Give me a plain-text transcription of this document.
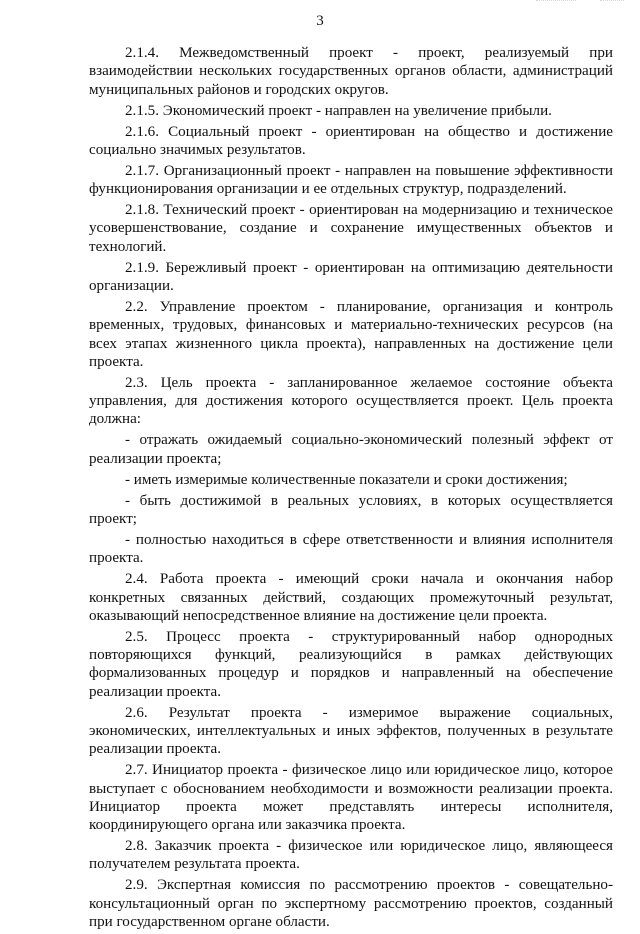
3

2.1.4. Межведомственный проект - проект, реализуемый при взаимодействии нескольких государственных органов области, администраций муниципальных районов и городских округов.

2.1.5. Экономический проект - направлен на увеличение прибыли.

2.1.6. Социальный проект - ориентирован на общество и достижение социально значимых результатов.

2.1.7. Организационный проект - направлен на повышение эффективности функционирования организации и ее отдельных структур, подразделений.

2.1.8. Технический проект - ориентирован на модернизацию и техническое усовершенствование, создание и сохранение имущественных объектов и технологий.

2.1.9. Бережливый проект - ориентирован на оптимизацию деятельности организации.

2.2. Управление проектом - планирование, организация и контроль временных, трудовых, финансовых и материально-технических ресурсов (на всех этапах жизненного цикла проекта), направленных на достижение цели проекта.

2.3. Цель проекта - запланированное желаемое состояние объекта управления, для достижения которого осуществляется проект. Цель проекта должна:

- отражать ожидаемый социально-экономический полезный эффект от реализации проекта;

- иметь измеримые количественные показатели и сроки достижения;

- быть достижимой в реальных условиях, в которых осуществляется проект;

- полностью находиться в сфере ответственности и влияния исполнителя проекта.

2.4. Работа проекта - имеющий сроки начала и окончания набор конкретных связанных действий, создающих промежуточный результат, оказывающий непосредственное влияние на достижение цели проекта.

2.5. Процесс проекта - структурированный набор однородных повторяющихся функций, реализующийся в рамках действующих формализованных процедур и порядков и направленный на обеспечение реализации проекта.

2.6. Результат проекта - измеримое выражение социальных, экономических, интеллектуальных и иных эффектов, полученных в результате реализации проекта.

2.7. Инициатор проекта - физическое лицо или юридическое лицо, которое выступает с обоснованием необходимости и возможности реализации проекта. Инициатор проекта может представлять интересы исполнителя, координирующего органа или заказчика проекта.

2.8. Заказчик проекта - физическое или юридическое лицо, являющееся получателем результата проекта.

2.9. Экспертная комиссия по рассмотрению проектов - совещательно-консультационный орган по экспертному рассмотрению проектов, созданный при государственном органе области.
